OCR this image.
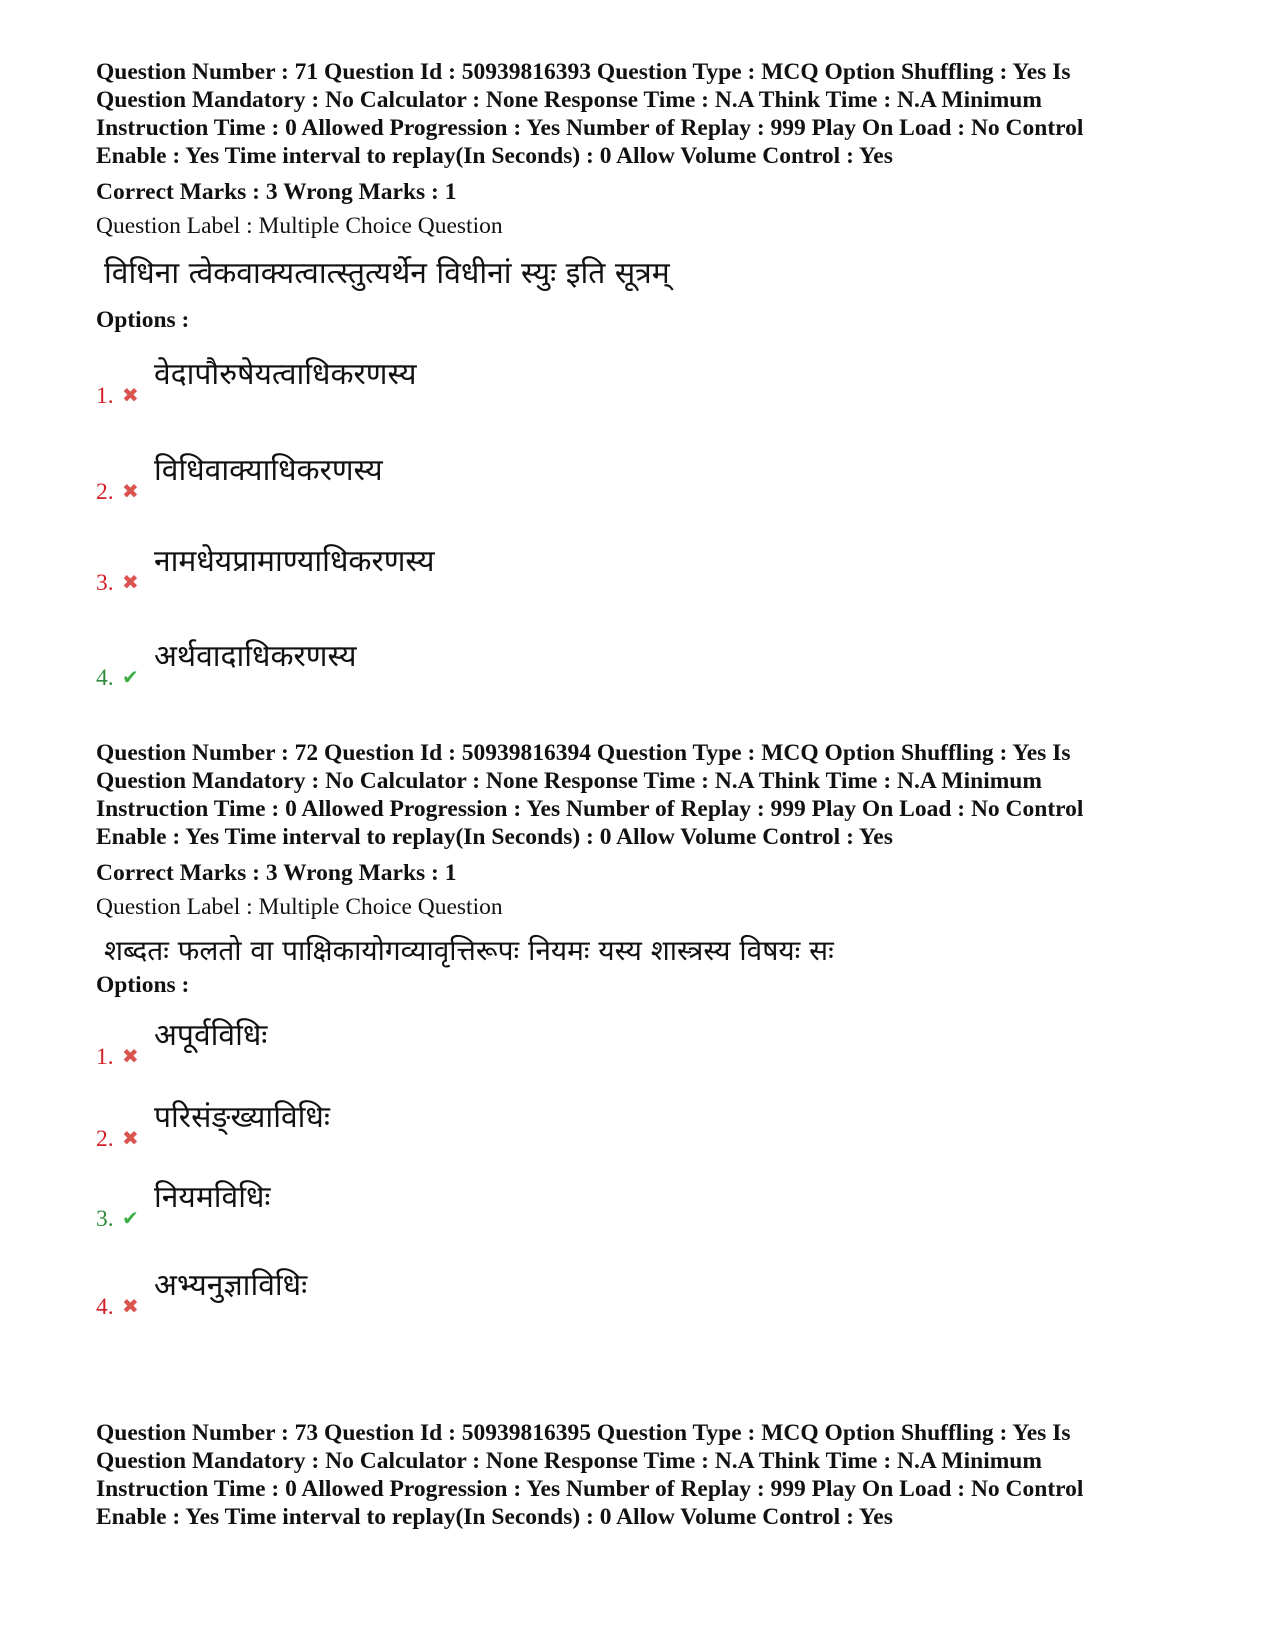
Question Number : 71 Question Id : 50939816393 Question Type : MCQ Option Shuffling : Yes Is
Question Mandatory : No Calculator : None Response Time : N.A Think Time : N.A Minimum
Instruction Time : 0 Allowed Progression : Yes Number of Replay : 999 Play On Load : No Control
Enable : Yes Time interval to replay(In Seconds) : 0 Allow Volume Control : Yes
Correct Marks : 3 Wrong Marks : 1
Question Label : Multiple Choice Question
विधिना त्वेकवाक्यत्वात्स्तुत्यर्थेन विधीनां स्युः इति सूत्रम्
Options :
1. ✖
वेदापौरुषेयत्वाधिकरणस्य
2. ✖
विधिवाक्याधिकरणस्य
3. ✖
नामधेयप्रामाण्याधिकरणस्य
4. ✔
अर्थवादाधिकरणस्य
Question Number : 72 Question Id : 50939816394 Question Type : MCQ Option Shuffling : Yes Is
Question Mandatory : No Calculator : None Response Time : N.A Think Time : N.A Minimum
Instruction Time : 0 Allowed Progression : Yes Number of Replay : 999 Play On Load : No Control
Enable : Yes Time interval to replay(In Seconds) : 0 Allow Volume Control : Yes
Correct Marks : 3 Wrong Marks : 1
Question Label : Multiple Choice Question
शब्दतः फलतो वा पाक्षिकायोगव्यावृत्तिरूपः नियमः यस्य शास्त्रस्य विषयः सः
Options :
1. ✖
अपूर्वविधिः
2. ✖
परिसंङ्ख्याविधिः
3. ✔
नियमविधिः
4. ✖
अभ्यनुज्ञाविधिः
Question Number : 73 Question Id : 50939816395 Question Type : MCQ Option Shuffling : Yes Is
Question Mandatory : No Calculator : None Response Time : N.A Think Time : N.A Minimum
Instruction Time : 0 Allowed Progression : Yes Number of Replay : 999 Play On Load : No Control
Enable : Yes Time interval to replay(In Seconds) : 0 Allow Volume Control : Yes
